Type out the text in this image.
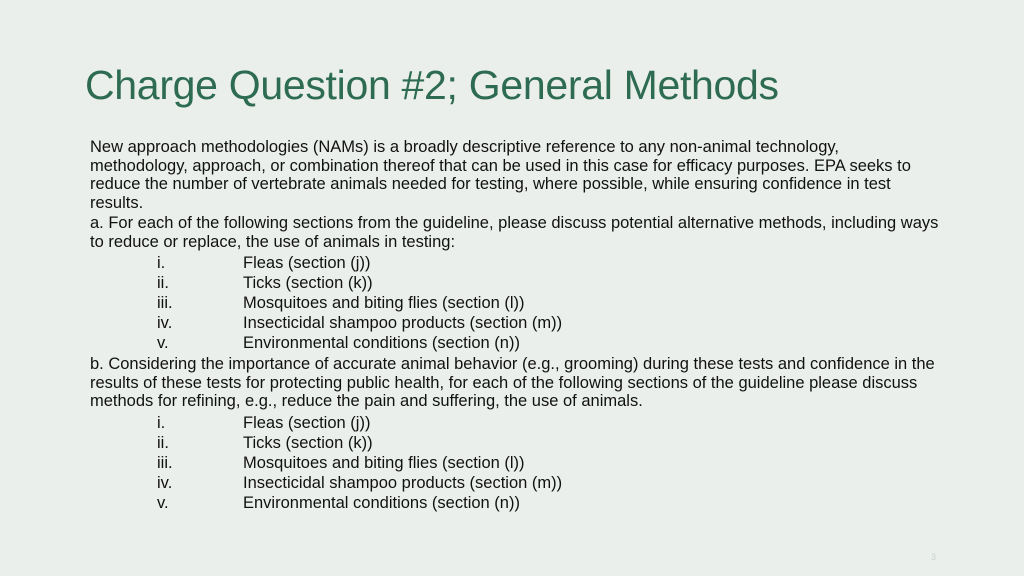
Charge Question #2; General Methods

New approach methodologies (NAMs) is a broadly descriptive reference to any non-animal technology, methodology, approach, or combination thereof that can be used in this case for efficacy purposes. EPA seeks to reduce the number of vertebrate animals needed for testing, where possible, while ensuring confidence in test results.

a. For each of the following sections from the guideline, please discuss potential alternative methods, including ways to reduce or replace, the use of animals in testing:

i.	Fleas (section (j))
ii.	Ticks (section (k))
iii.	Mosquitoes and biting flies (section (l))
iv.	Insecticidal shampoo products (section (m))
v.	Environmental conditions (section (n))

b. Considering the importance of accurate animal behavior (e.g., grooming) during these tests and confidence in the results of these tests for protecting public health, for each of the following sections of the guideline please discuss methods for refining, e.g., reduce the pain and suffering, the use of animals.

i.	Fleas (section (j))
ii.	Ticks (section (k))
iii.	Mosquitoes and biting flies (section (l))
iv.	Insecticidal shampoo products (section (m))
v.	Environmental conditions (section (n))
3
